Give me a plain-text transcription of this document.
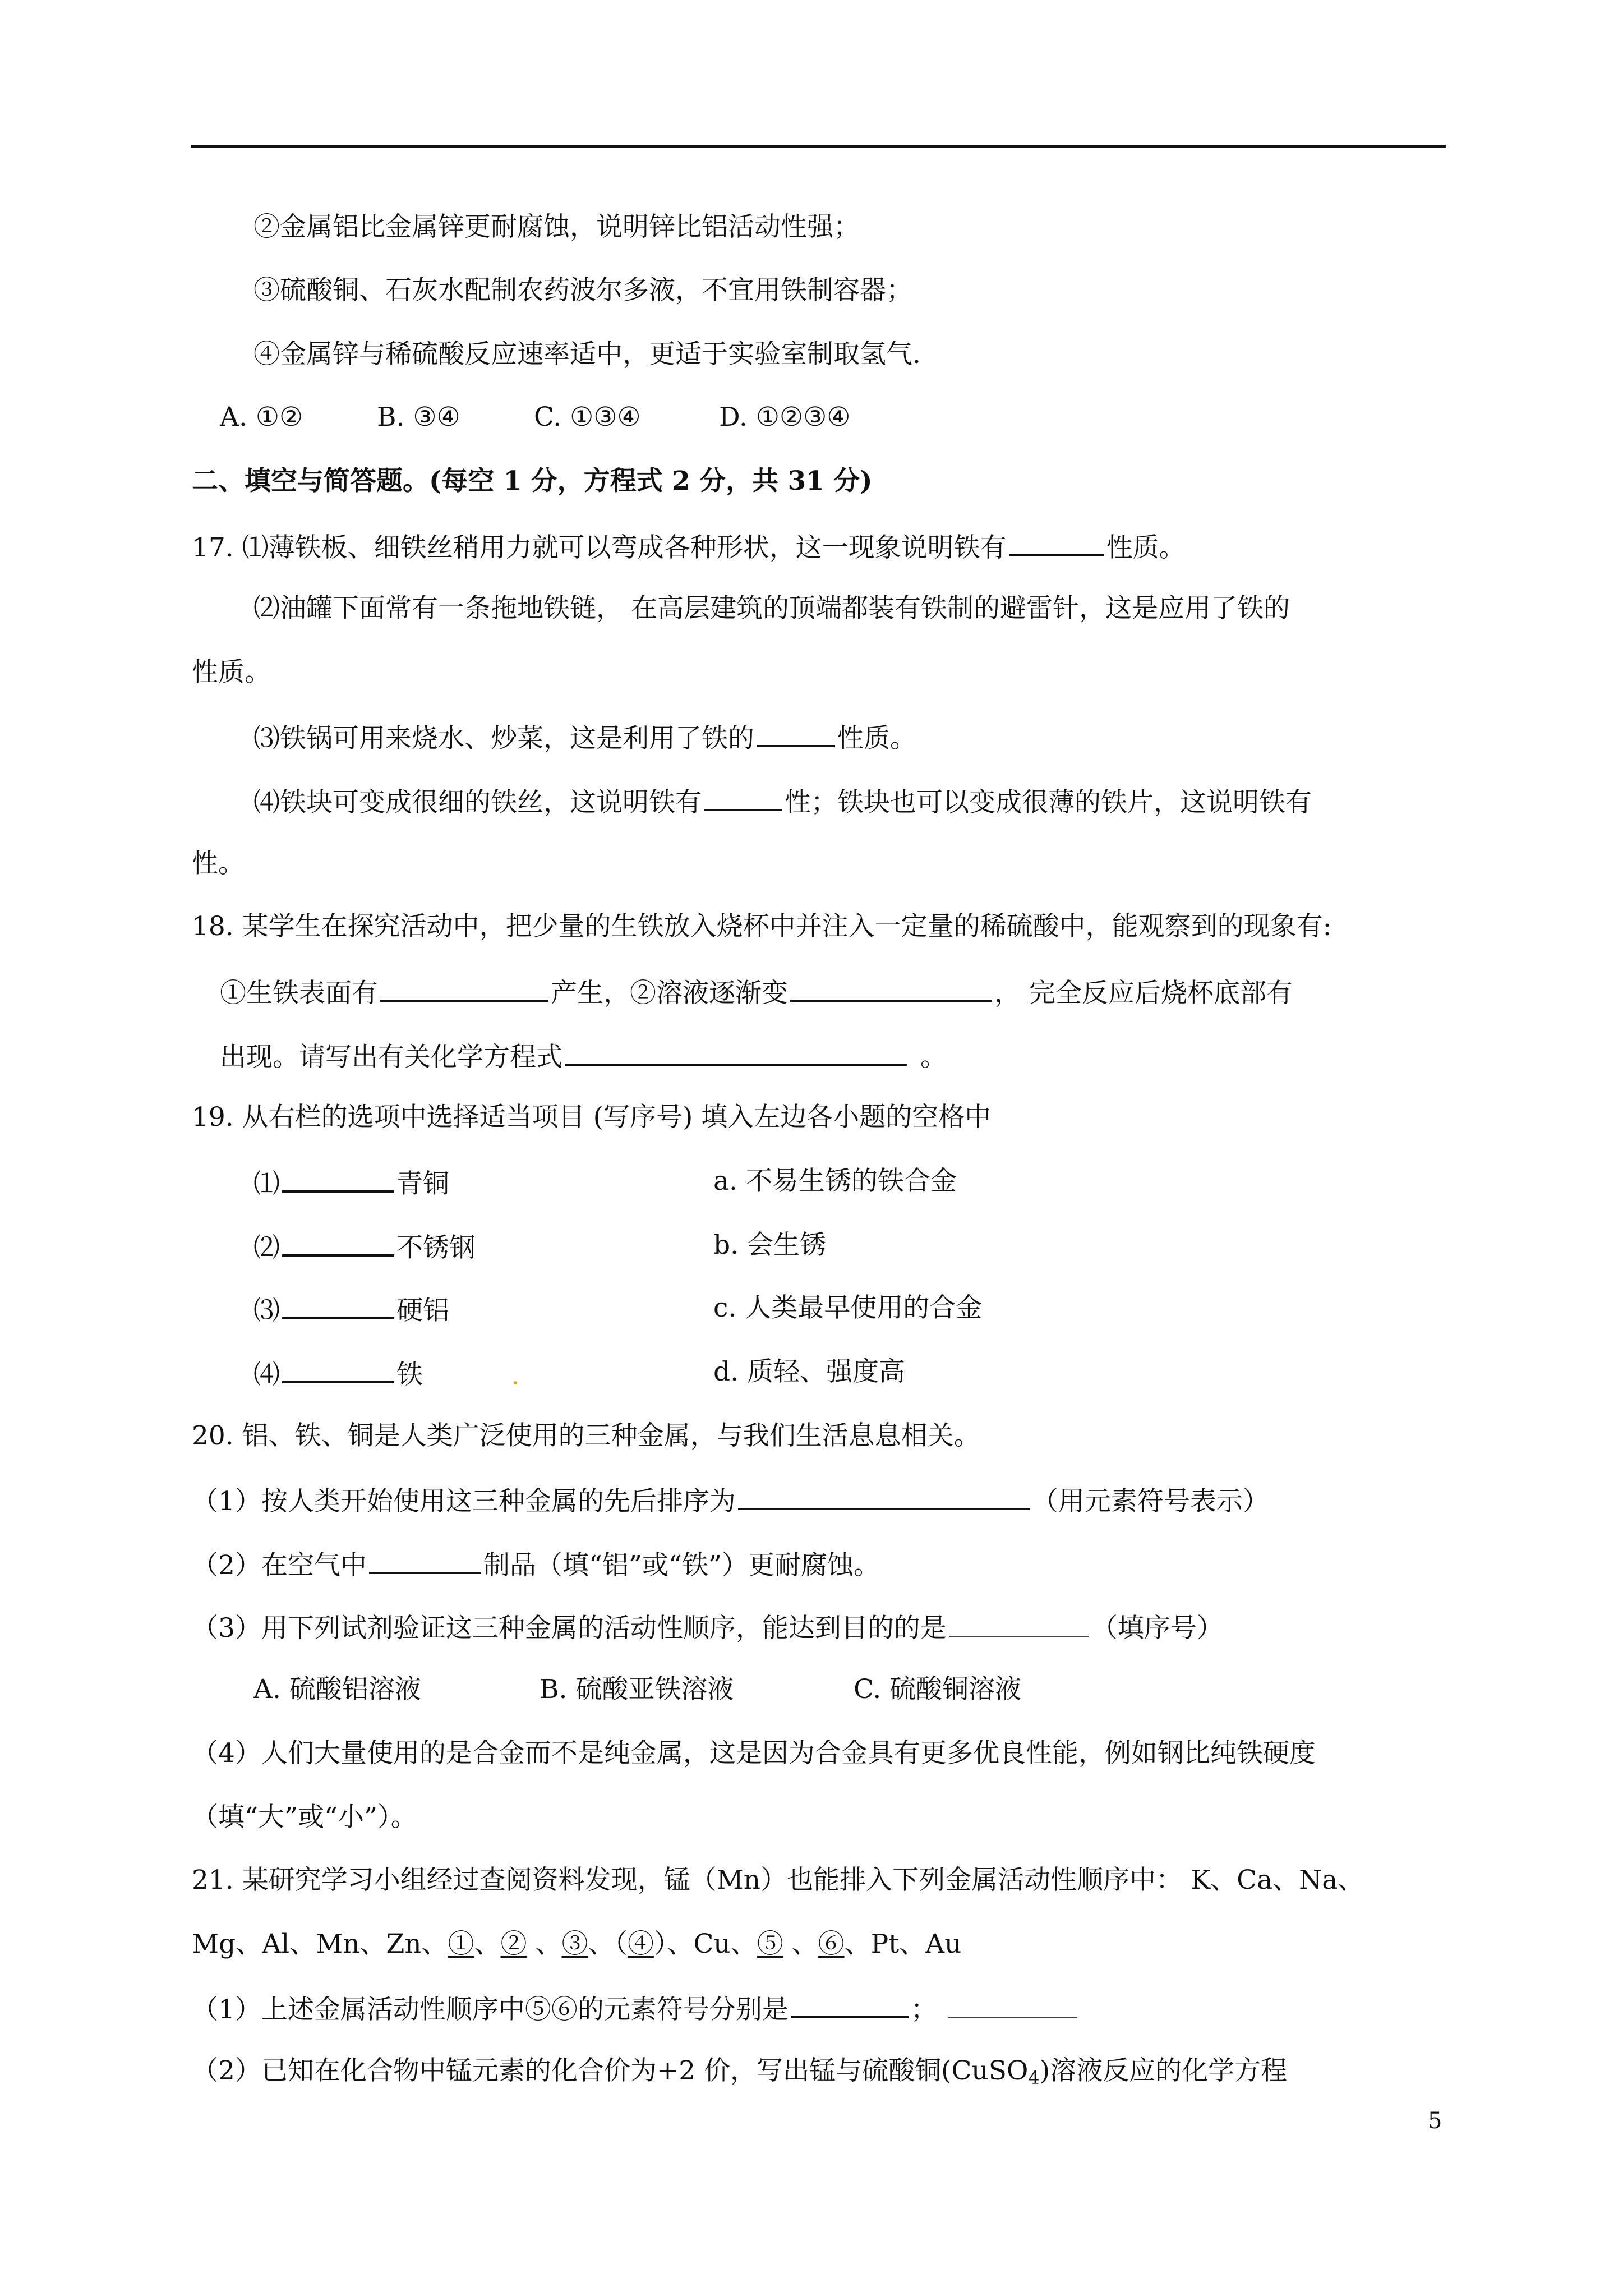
②金属铝比金属锌更耐腐蚀，说明锌比铝活动性强；
③硫酸铜、石灰水配制农药波尔多液，不宜用铁制容器；
④金属锌与稀硫酸反应速率适中，更适于实验室制取氢气.
A. ①②	B. ③④	C. ①③④	D. ①②③④
二、填空与简答题。(每空 1 分，方程式 2 分，共 31 分)
17. ⑴薄铁板、细铁丝稍用力就可以弯成各种形状，这一现象说明铁有	性质。
⑵油罐下面常有一条拖地铁链， 在高层建筑的顶端都装有铁制的避雷针，这是应用了铁的
性质。
⑶铁锅可用来烧水、炒菜，这是利用了铁的	性质。
⑷铁块可变成很细的铁丝，这说明铁有	性；铁块也可以变成很薄的铁片，这说明铁有
性。
18. 某学生在探究活动中，把少量的生铁放入烧杯中并注入一定量的稀硫酸中，能观察到的现象有:
①生铁表面有	产生，②溶液逐渐变	， 完全反应后烧杯底部有
出现。请写出有关化学方程式	。
19. 从右栏的选项中选择适当项目 (写序号) 填入左边各小题的空格中
⑴	青铜	a. 不易生锈的铁合金
⑵	不锈钢	b. 会生锈
⑶	硬铝	c. 人类最早使用的合金
⑷	铁	d. 质轻、强度高
20. 铝、铁、铜是人类广泛使用的三种金属，与我们生活息息相关。
（1）按人类开始使用这三种金属的先后排序为	（用元素符号表示）
（2）在空气中	制品（填“铝”或“铁”）更耐腐蚀。
（3）用下列试剂验证这三种金属的活动性顺序，能达到目的的是	（填序号）
A. 硫酸铝溶液	B. 硫酸亚铁溶液	C. 硫酸铜溶液
（4）人们大量使用的是合金而不是纯金属，这是因为合金具有更多优良性能，例如钢比纯铁硬度
（填“大”或“小”）。
21. 某研究学习小组经过查阅资料发现，锰（Mn）也能排入下列金属活动性顺序中： K、Ca、Na、
Mg、Al、Mn、Zn、①、② 、③、（④）、Cu、⑤ 、⑥、Pt、Au
（1）上述金属活动性顺序中⑤⑥的元素符号分别是	；
（2）已知在化合物中锰元素的化合价为+2 价，写出锰与硫酸铜(CuSO$_4$)溶液反应的化学方程
5
